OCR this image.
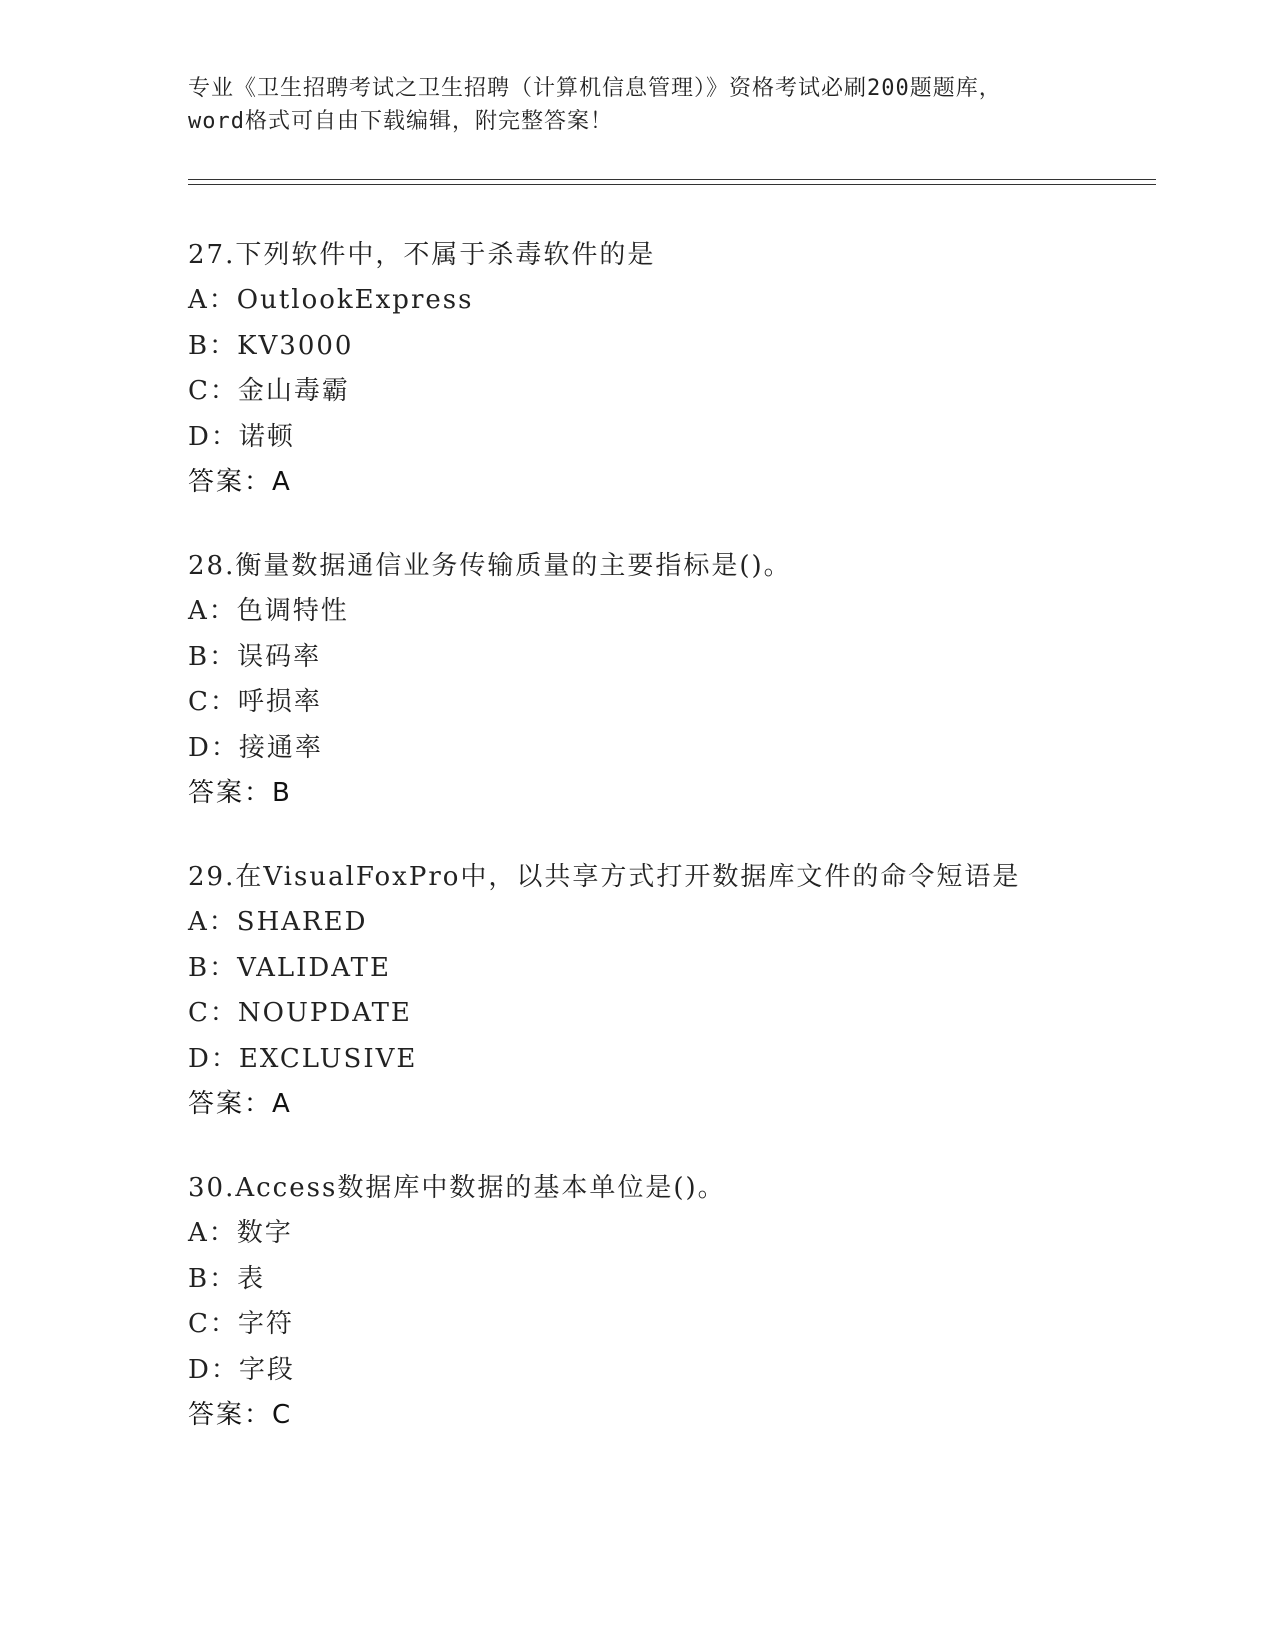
专业《卫生招聘考试之卫生招聘（计算机信息管理）》资格考试必刷200题题库，
word格式可自由下载编辑，附完整答案！
27.下列软件中，不属于杀毒软件的是
A：OutlookExpress
B：KV3000
C：金山毒霸
D：诺顿
答案：A
28.衡量数据通信业务传输质量的主要指标是()。
A：色调特性
B：误码率
C：呼损率
D：接通率
答案：B
29.在VisualFoxPro中，以共享方式打开数据库文件的命令短语是
A：SHARED
B：VALIDATE
C：NOUPDATE
D：EXCLUSIVE
答案：A
30.Access数据库中数据的基本单位是()。
A：数字
B：表
C：字符
D：字段
答案：C
